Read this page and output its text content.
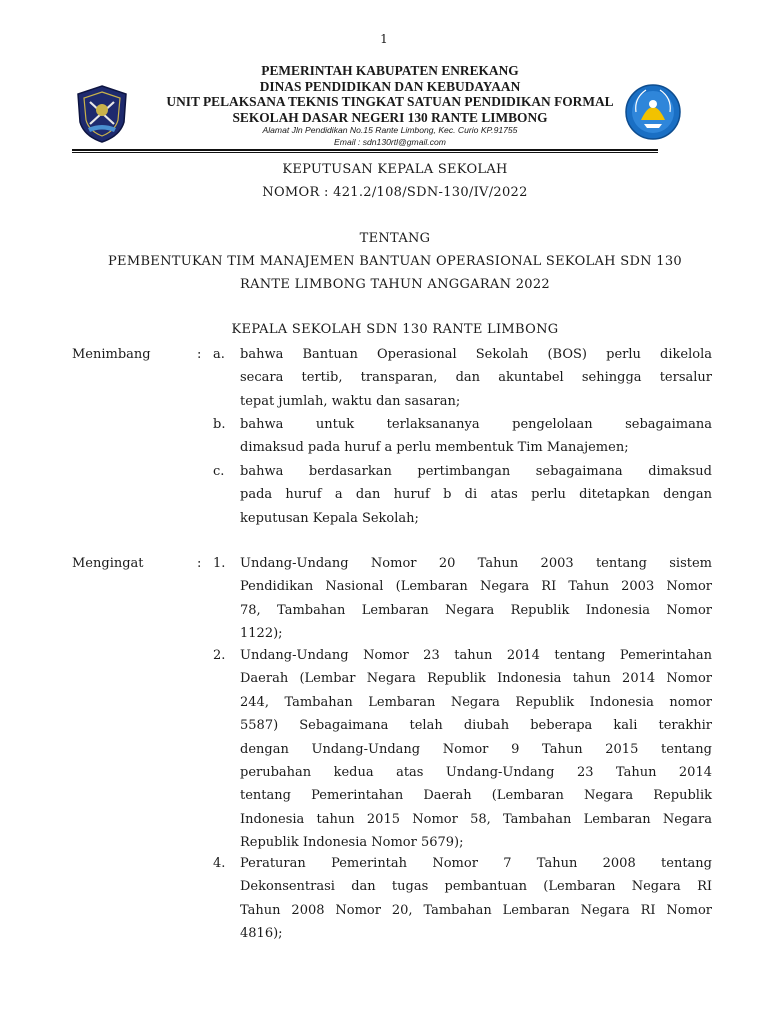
1
PEMERINTAH KABUPATEN ENREKANG
DINAS PENDIDIKAN DAN KEBUDAYAAN
UNIT PELAKSANA TEKNIS TINGKAT SATUAN PENDIDIKAN FORMAL
SEKOLAH DASAR NEGERI 130 RANTE LIMBONG
Alamat Jln Pendidikan No.15 Rante Limbong, Kec. Curio KP.91755
Email : sdn130rtl@gmail.com
KEPUTUSAN KEPALA SEKOLAH
NOMOR : 421.2/108/SDN-130/IV/2022
TENTANG
PEMBENTUKAN TIM MANAJEMEN BANTUAN OPERASIONAL SEKOLAH SDN 130
RANTE LIMBONG TAHUN ANGGARAN 2022
KEPALA SEKOLAH SDN 130 RANTE LIMBONG
Menimbang	: a. bahwa Bantuan Operasional Sekolah (BOS) perlu dikelola
secara tertib, transparan, dan akuntabel sehingga tersalur
tepat jumlah, waktu dan sasaran;
b. bahwa untuk terlaksananya pengelolaan sebagaimana
dimaksud pada huruf a perlu membentuk Tim Manajemen;
c. bahwa berdasarkan pertimbangan sebagaimana dimaksud
pada huruf a dan huruf b di atas perlu ditetapkan dengan
keputusan Kepala Sekolah;
Mengingat	: 1. Undang-Undang Nomor 20 Tahun 2003 tentang sistem
Pendidikan Nasional (Lembaran Negara RI Tahun 2003 Nomor
78, Tambahan Lembaran Negara Republik Indonesia Nomor
1122);
2. Undang-Undang Nomor 23 tahun 2014 tentang Pemerintahan
Daerah (Lembar Negara Republik Indonesia tahun 2014 Nomor
244, Tambahan Lembaran Negara Republik Indonesia nomor
5587) Sebagaimana telah diubah beberapa kali terakhir
dengan Undang-Undang Nomor 9 Tahun 2015 tentang
perubahan kedua atas Undang-Undang 23 Tahun 2014
tentang Pemerintahan Daerah (Lembaran Negara Republik
Indonesia tahun 2015 Nomor 58, Tambahan Lembaran Negara
Republik Indonesia Nomor 5679);
4. Peraturan Pemerintah Nomor 7 Tahun 2008 tentang
Dekonsentrasi dan tugas pembantuan (Lembaran Negara RI
Tahun 2008 Nomor 20, Tambahan Lembaran Negara RI Nomor
4816);
